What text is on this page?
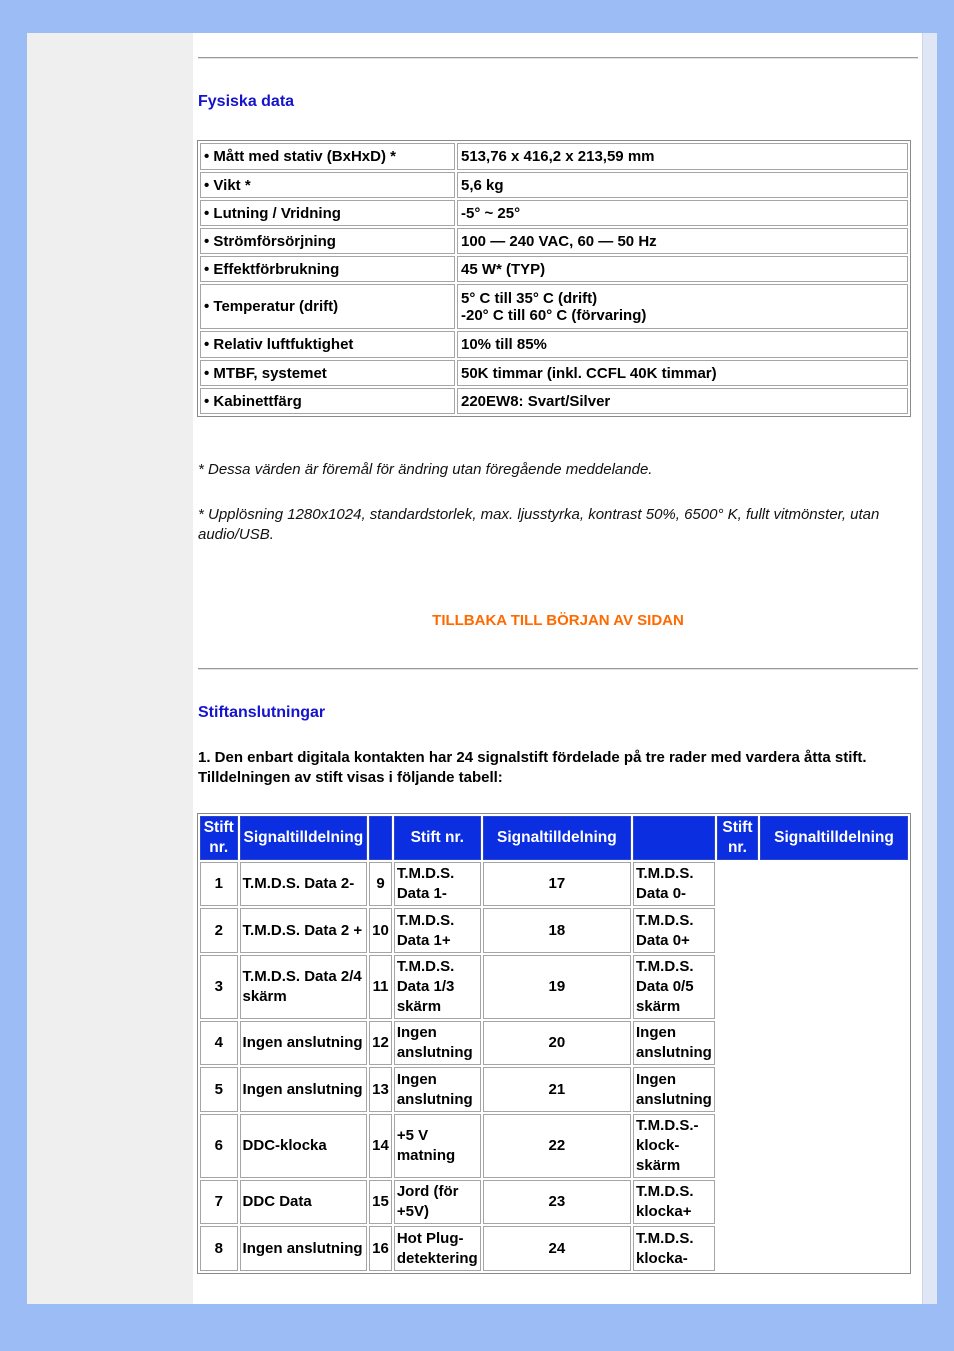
Fysiska data
• Mått med stativ (BxHxD) *	513,76 x 416,2 x 213,59 mm

• Vikt *	5,6 kg

• Lutning / Vridning	-5° ~ 25°

• Strömförsörjning	100 — 240 VAC, 60 — 50 Hz

• Effektförbrukning	45 W* (TYP)

• Temperatur (drift)	5° C till 35° C (drift)
-20° C till 60° C (förvaring)

• Relativ luftfuktighet	10% till 85%

• MTBF, systemet	50K timmar (inkl. CCFL 40K timmar)

• Kabinettfärg	220EW8: Svart/Silver
* Dessa värden är föremål för ändring utan föregående meddelande.
* Upplösning 1280x1024, standardstorlek, max. ljusstyrka, kontrast 50%, 6500° K, fullt vitmönster, utan audio/USB.
TILLBAKA TILL BÖRJAN AV SIDAN
Stiftanslutningar
1. Den enbart digitala kontakten har 24 signalstift fördelade på tre rader med vardera åtta stift. Tilldelningen av stift visas i följande tabell:
Stift nr.	Signaltilldelning		Stift nr.	Signaltilldelning		Stift nr.	Signaltilldelning
1	T.M.D.S. Data 2-	9	T.M.D.S. Data 1-	17	T.M.D.S. Data 0-		
2	T.M.D.S. Data 2 +	10	T.M.D.S. Data 1+	18	T.M.D.S. Data 0+		
3	T.M.D.S. Data 2/4 skärm	11	T.M.D.S. Data 1/3 skärm	19	T.M.D.S. Data 0/5 skärm		
4	Ingen anslutning	12	Ingen anslutning	20	Ingen anslutning		
5	Ingen anslutning	13	Ingen anslutning	21	Ingen anslutning		
6	DDC-klocka	14	+5 V matning	22	T.M.D.S.- klock-skärm		
7	DDC Data	15	Jord (för +5V)	23	T.M.D.S. klocka+		
8	Ingen anslutning	16	Hot Plug-detektering	24	T.M.D.S. klocka-		
